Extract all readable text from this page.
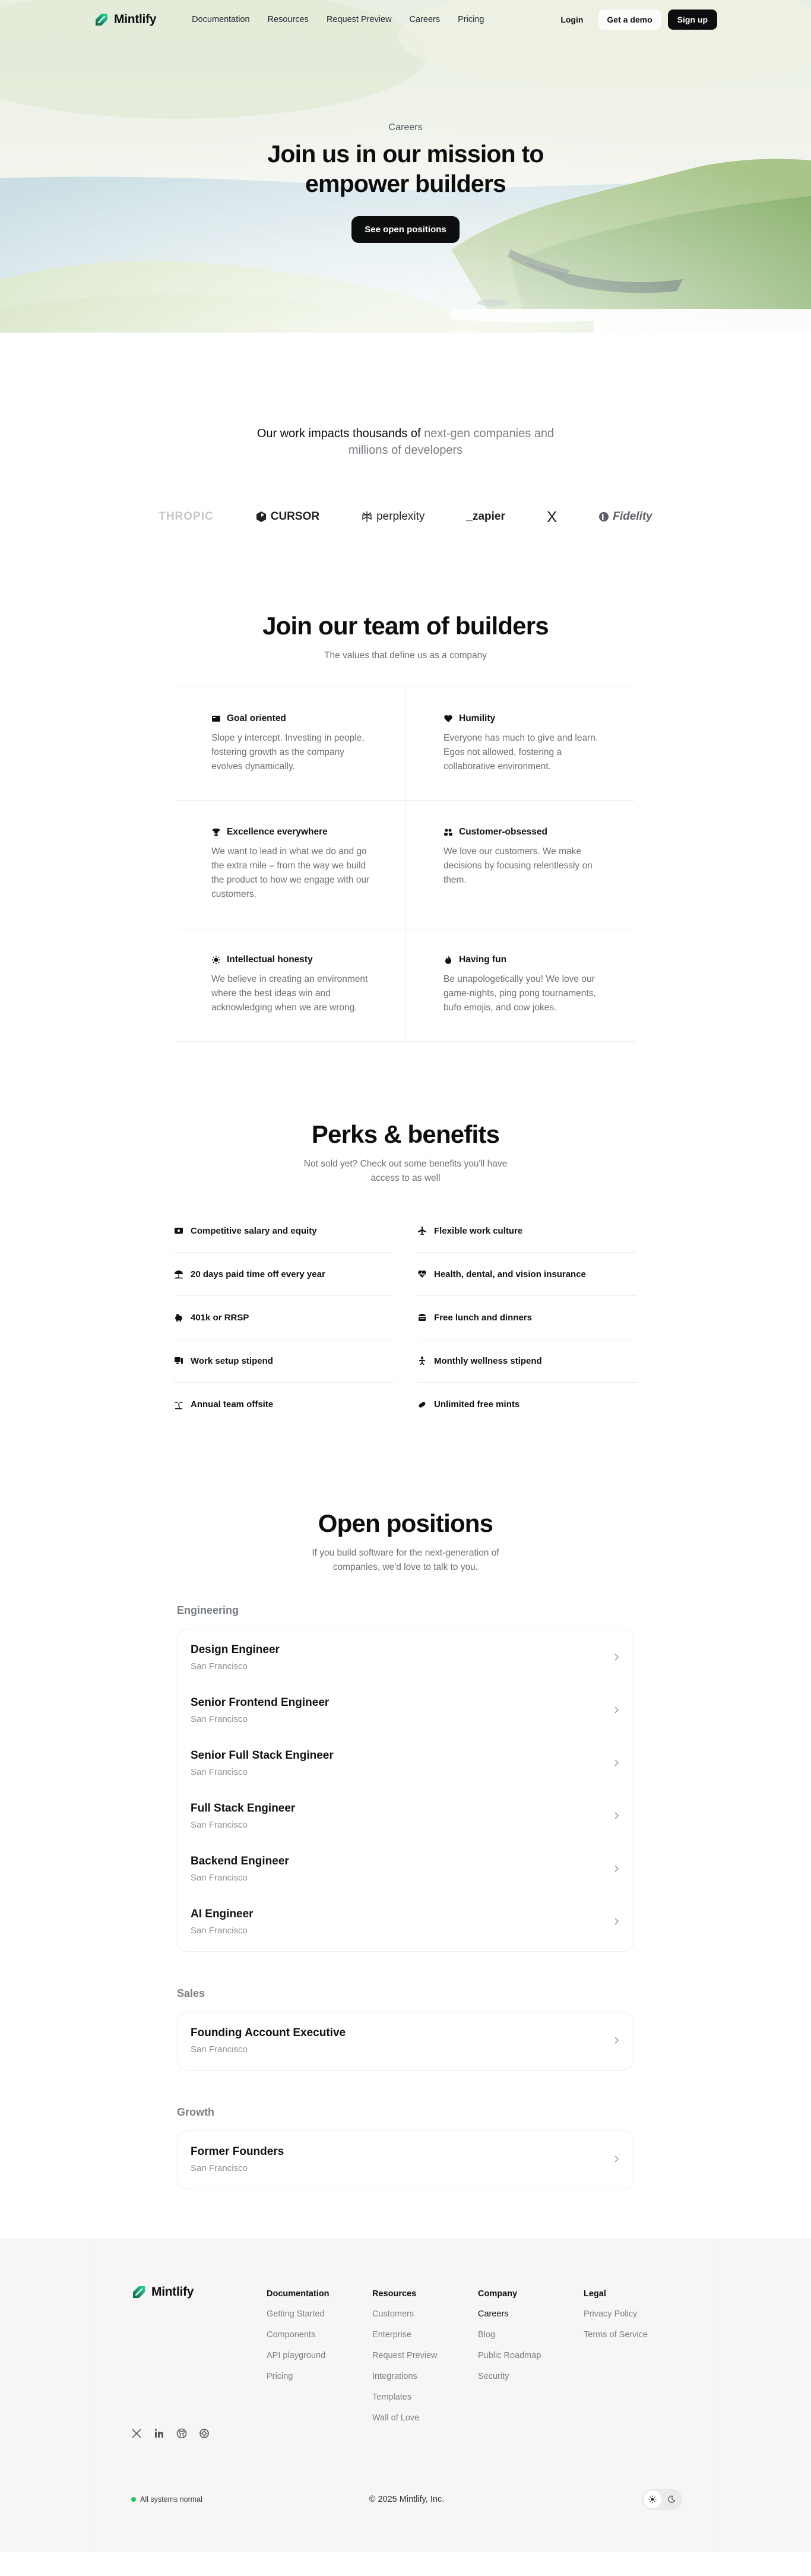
Mintlify	Documentation Resources Request Preview Careers Pricing	Login	Get a demo	Sign up
Careers
Join us in our mission to
empower builders
See open positions
Our work impacts thousands of next-gen companies and
millions of developers
THROPIC	CURSOR	perplexity	_zapier	X	Fidelity
Join our team of builders

The values that define us as a company

Goal oriented

Slope y intercept. Investing in people, fostering growth as the company evolves dynamically.

Humility

Everyone has much to give and learn. Egos not allowed, fostering a collaborative environment.

Excellence everywhere

We want to lead in what we do and go the extra mile – from the way we build the product to how we engage with our customers.

Customer-obsessed

We love our customers. We make decisions by focusing relentlessly on them.

Intellectual honesty

We believe in creating an environment where the best ideas win and acknowledging when we are wrong.

Having fun

Be unapologetically you! We love our game-nights, ping pong tournaments, bufo emojis, and cow jokes.

Perks & benefits

Not sold yet? Check out some benefits you'll have
access to as well

Competitive salary and equity	Flexible work culture
20 days paid time off every year	Health, dental, and vision insurance
401k or RRSP	Free lunch and dinners
Work setup stipend	Monthly wellness stipend
Annual team offsite	Unlimited free mints
Open positions

If you build software for the next-generation of
companies, we'd love to talk to you.

Engineering
Design Engineer
San Francisco
Senior Frontend Engineer
San Francisco
Senior Full Stack Engineer
San Francisco
Full Stack Engineer
San Francisco
Backend Engineer
San Francisco
AI Engineer
San Francisco
Sales
Founding Account Executive
San Francisco
Growth
Former Founders
San Francisco
Mintlify	Documentation
Getting Started
Components
API playground
Pricing
Resources
Customers
Enterprise
Request Preview
Integrations
Templates
Wall of Love
Company
Careers
Blog
Public Roadmap
Security
Legal
Privacy Policy
Terms of Service
All systems normal	© 2025 Mintlify, Inc.
